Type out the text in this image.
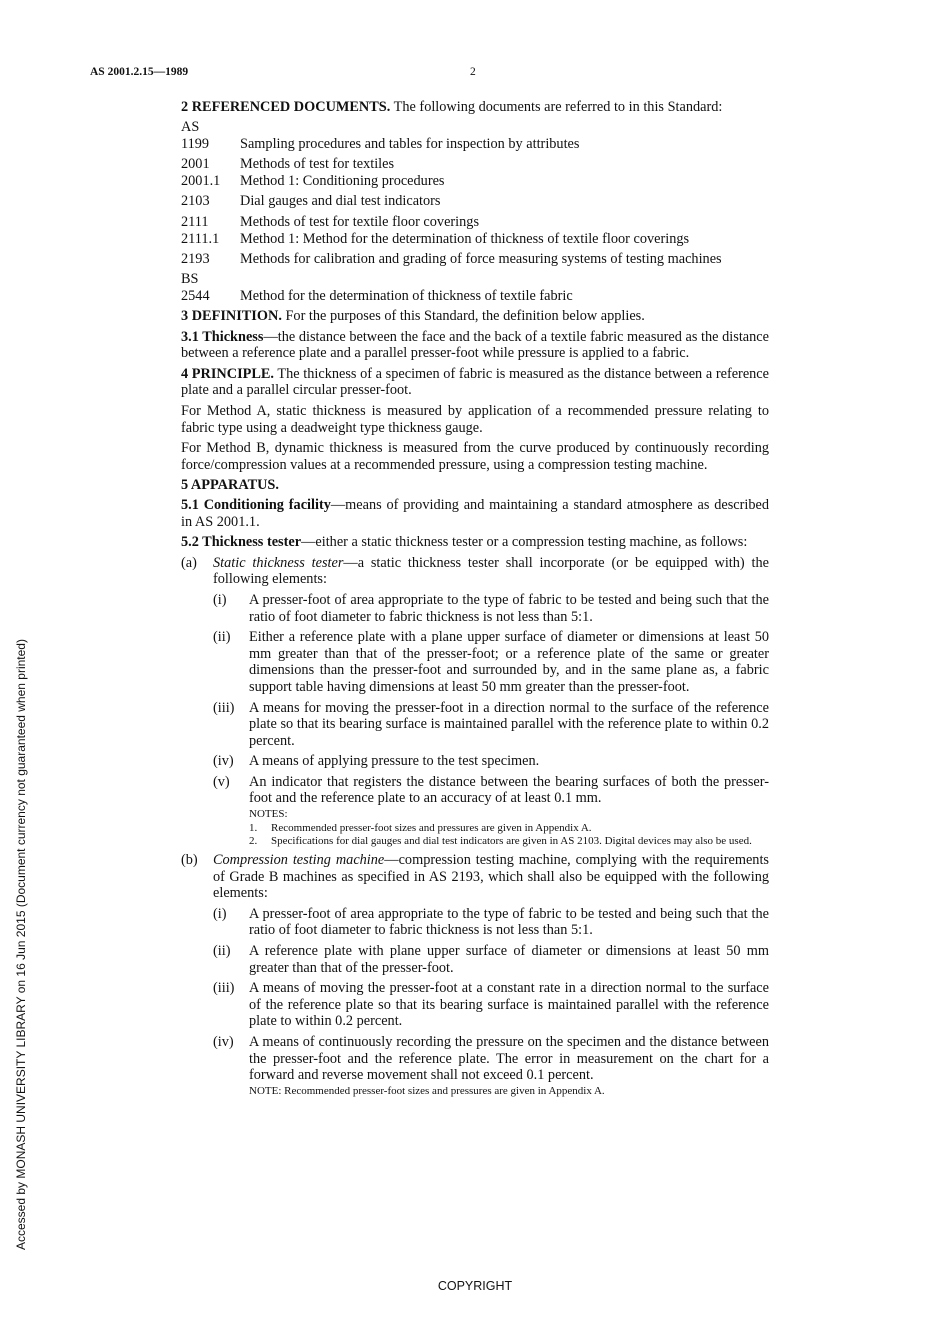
AS 2001.2.15—1989	2
Accessed by MONASH UNIVERSITY LIBRARY on 16 Jun 2015 (Document currency not guaranteed when printed)

2 REFERENCED DOCUMENTS. The following documents are referred to in this Standard:

AS
1199	Sampling procedures and tables for inspection by attributes
2001	Methods of test for textiles
2001.1	Method 1: Conditioning procedures
2103	Dial gauges and dial test indicators
2111	Methods of test for textile floor coverings
2111.1	Method 1: Method for the determination of thickness of textile floor coverings
2193	Methods for calibration and grading of force measuring systems of testing machines
BS
2544	Method for the determination of thickness of textile fabric

3 DEFINITION. For the purposes of this Standard, the definition below applies.

3.1 Thickness—the distance between the face and the back of a textile fabric measured as the distance between a reference plate and a parallel presser-foot while pressure is applied to a fabric.

4 PRINCIPLE. The thickness of a specimen of fabric is measured as the distance between a reference plate and a parallel circular presser-foot.

For Method A, static thickness is measured by application of a recommended pressure relating to fabric type using a deadweight type thickness gauge.

For Method B, dynamic thickness is measured from the curve produced by continuously recording force/compression values at a recommended pressure, using a compression testing machine.

5 APPARATUS.

5.1 Conditioning facility—means of providing and maintaining a standard atmosphere as described in AS 2001.1.

5.2 Thickness tester—either a static thickness tester or a compression testing machine, as follows:

(a)	Static thickness tester—a static thickness tester shall incorporate (or be equipped with) the following elements:
(i)	A presser-foot of area appropriate to the type of fabric to be tested and being such that the ratio of foot diameter to fabric thickness is not less than 5:1.
(ii)	Either a reference plate with a plane upper surface of diameter or dimensions at least 50 mm greater than that of the presser-foot; or a reference plate of the same or greater dimensions than the presser-foot and surrounded by, and in the same plane as, a fabric support table having dimensions at least 50 mm greater than the presser-foot.
(iii)	A means for moving the presser-foot in a direction normal to the surface of the reference plate so that its bearing surface is maintained parallel with the reference plate to within 0.2 percent.
(iv)	A means of applying pressure to the test specimen.
(v)	An indicator that registers the distance between the bearing surfaces of both the presser-foot and the reference plate to an accuracy of at least 0.1 mm.
NOTES:
1.	Recommended presser-foot sizes and pressures are given in Appendix A.
2.	Specifications for dial gauges and dial test indicators are given in AS 2103. Digital devices may also be used.
(b)	Compression testing machine—compression testing machine, complying with the requirements of Grade B machines as specified in AS 2193, which shall also be equipped with the following elements:
(i)	A presser-foot of area appropriate to the type of fabric to be tested and being such that the ratio of foot diameter to fabric thickness is not less than 5:1.
(ii)	A reference plate with plane upper surface of diameter or dimensions at least 50 mm greater than that of the presser-foot.
(iii)	A means of moving the presser-foot at a constant rate in a direction normal to the surface of the reference plate so that its bearing surface is maintained parallel with the reference plate to within 0.2 percent.
(iv)	A means of continuously recording the pressure on the specimen and the distance between the presser-foot and the reference plate. The error in measurement on the chart for a forward and reverse movement shall not exceed 0.1 percent.
NOTE: Recommended presser-foot sizes and pressures are given in Appendix A.
COPYRIGHT
